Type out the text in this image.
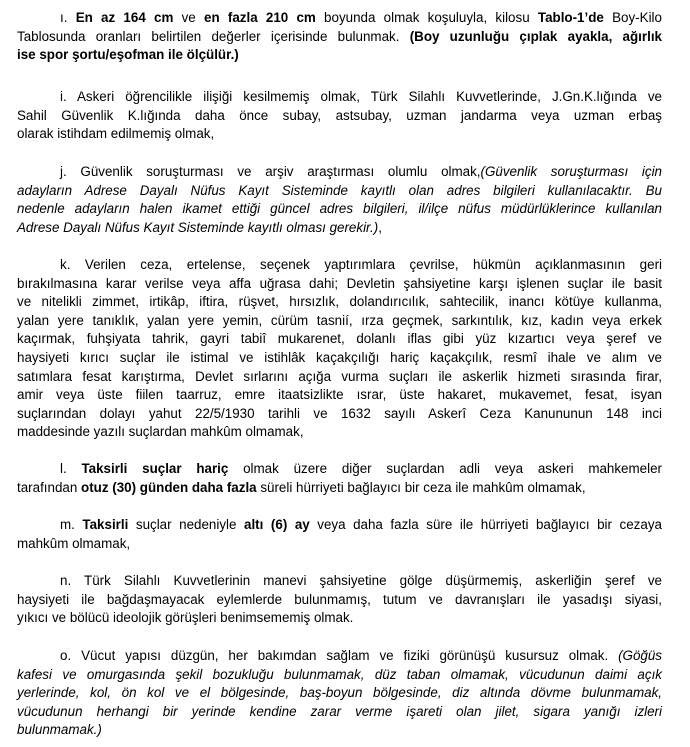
ı. En az 164 cm ve en fazla 210 cm boyunda olmak koşuluyla, kilosu Tablo-1’de Boy-Kilo
Tablosunda oranları belirtilen değerler içerisinde bulunmak. (Boy uzunluğu çıplak ayakla, ağırlık
ise spor şortu/eşofman ile ölçülür.)
i. Askeri öğrencilikle ilişiği kesilmemiş olmak, Türk Silahlı Kuvvetlerinde, J.Gn.K.lığında ve
Sahil Güvenlik K.lığında daha önce subay, astsubay, uzman jandarma veya uzman erbaş
olarak istihdam edilmemiş olmak,
j. Güvenlik soruşturması ve arşiv araştırması olumlu olmak,(Güvenlik soruşturması için
adayların Adrese Dayalı Nüfus Kayıt Sisteminde kayıtlı olan adres bilgileri kullanılacaktır. Bu
nedenle adayların halen ikamet ettiği güncel adres bilgileri, il/ilçe nüfus müdürlüklerince kullanılan
Adrese Dayalı Nüfus Kayıt Sisteminde kayıtlı olması gerekir.),
k. Verilen ceza, ertelense, seçenek yaptırımlara çevrilse, hükmün açıklanmasının geri
bırakılmasına karar verilse veya affa uğrasa dahi; Devletin şahsiyetine karşı işlenen suçlar ile basit
ve nitelikli zimmet, irtikâp, iftira, rüşvet, hırsızlık, dolandırıcılık, sahtecilik, inancı kötüye kullanma,
yalan yere tanıklık, yalan yere yemin, cürüm tasnií, ırza geçmek, sarkıntılık, kız, kadın veya erkek
kaçırmak, fuhşiyata tahrik, gayri tabiî mukarenet, dolanlı iflas gibi yüz kızartıcı veya şeref ve
haysiyeti kırıcı suçlar ile istimal ve istihlâk kaçakçılığı hariç kaçakçılık, resmî ihale ve alım ve
satımlara fesat karıştırma, Devlet sırlarını açığa vurma suçları ile askerlik hizmeti sırasında firar,
amir veya üste fiilen taarruz, emre itaatsizlikte ısrar, üste hakaret, mukavemet, fesat, isyan
suçlarından dolayı yahut 22/5/1930 tarihli ve 1632 sayılı Askerî Ceza Kanununun 148 inci
maddesinde yazılı suçlardan mahkûm olmamak,
l. Taksirli suçlar hariç olmak üzere diğer suçlardan adli veya askeri mahkemeler
tarafından otuz (30) günden daha fazla süreli hürriyeti bağlayıcı bir ceza ile mahkûm olmamak,
m. Taksirli suçlar nedeniyle altı (6) ay veya daha fazla süre ile hürriyeti bağlayıcı bir cezaya
mahkûm olmamak,
n. Türk Silahlı Kuvvetlerinin manevi şahsiyetine gölge düşürmemiş, askerliğin şeref ve
haysiyeti ile bağdaşmayacak eylemlerde bulunmamış, tutum ve davranışları ile yasadışı siyasi,
yıkıcı ve bölücü ideolojik görüşleri benimsememiş olmak.
o. Vücut yapısı düzgün, her bakımdan sağlam ve fiziki görünüşü kusursuz olmak. (Göğüs
kafesi ve omurgasında şekil bozukluğu bulunmamak, düz taban olmamak, vücudunun daimi açık
yerlerinde, kol, ön kol ve el bölgesinde, baş-boyun bölgesinde, diz altında dövme bulunmamak,
vücudunun herhangi bir yerinde kendine zarar verme işareti olan jilet, sigara yanığı izleri
bulunmamak.)
